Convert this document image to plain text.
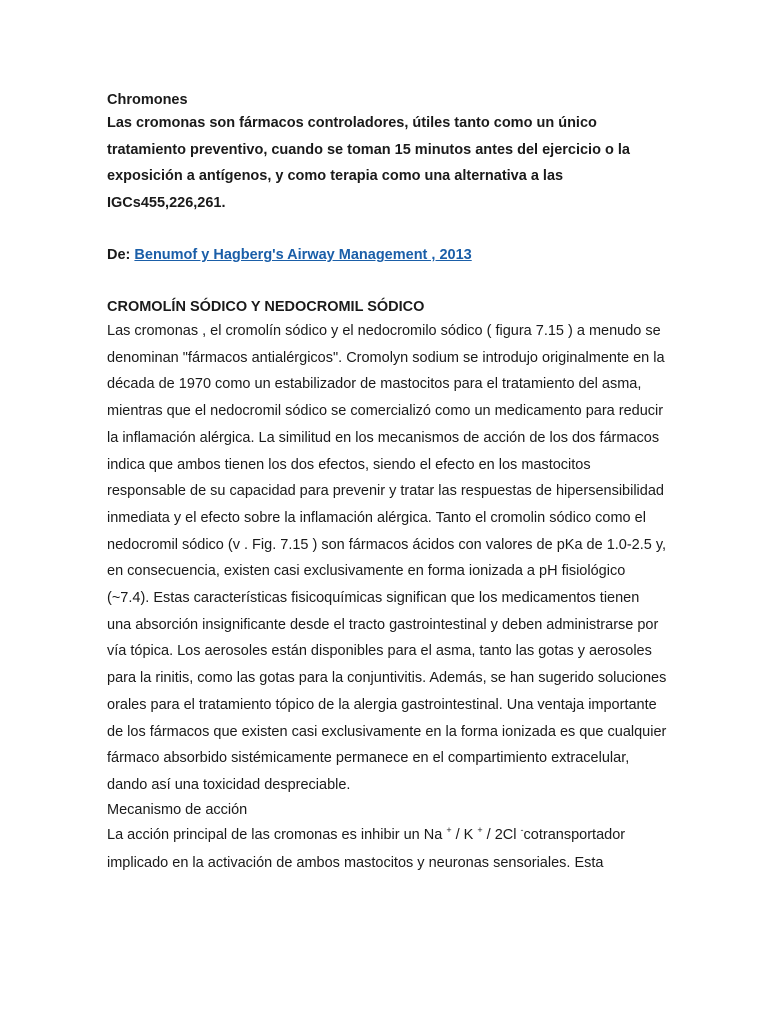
Chromones

Las cromonas son fármacos controladores, útiles tanto como un único tratamiento preventivo, cuando se toman 15 minutos antes del ejercicio o la exposición a antígenos, y como terapia como una alternativa a las IGCs455,226,261.

De: Benumof y Hagberg's Airway Management , 2013

CROMOLÍN SÓDICO Y NEDOCROMIL SÓDICO

Las cromonas , el cromolín sódico y el nedocromilo sódico ( figura 7.15 ) a menudo se denominan "fármacos antialérgicos". Cromolyn sodium se introdujo originalmente en la década de 1970 como un estabilizador de mastocitos para el tratamiento del asma, mientras que el nedocromil sódico se comercializó como un medicamento para reducir la inflamación alérgica. La similitud en los mecanismos de acción de los dos fármacos indica que ambos tienen los dos efectos, siendo el efecto en los mastocitos responsable de su capacidad para prevenir y tratar las respuestas de hipersensibilidad inmediata y el efecto sobre la inflamación alérgica. Tanto el cromolin sódico como el nedocromil sódico (v . Fig. 7.15 ) son fármacos ácidos con valores de pKa de 1.0-2.5 y, en consecuencia, existen casi exclusivamente en forma ionizada a pH fisiológico (~7.4). Estas características fisicoquímicas significan que los medicamentos tienen una absorción insignificante desde el tracto gastrointestinal y deben administrarse por vía tópica. Los aerosoles están disponibles para el asma, tanto las gotas y aerosoles para la rinitis, como las gotas para la conjuntivitis. Además, se han sugerido soluciones orales para el tratamiento tópico de la alergia gastrointestinal. Una ventaja importante de los fármacos que existen casi exclusivamente en la forma ionizada es que cualquier fármaco absorbido sistémicamente permanece en el compartimiento extracelular, dando así una toxicidad despreciable.

Mecanismo de acción

La acción principal de las cromonas es inhibir un Na + / K + / 2Cl -cotransportador implicado en la activación de ambos mastocitos y neuronas sensoriales. Esta
